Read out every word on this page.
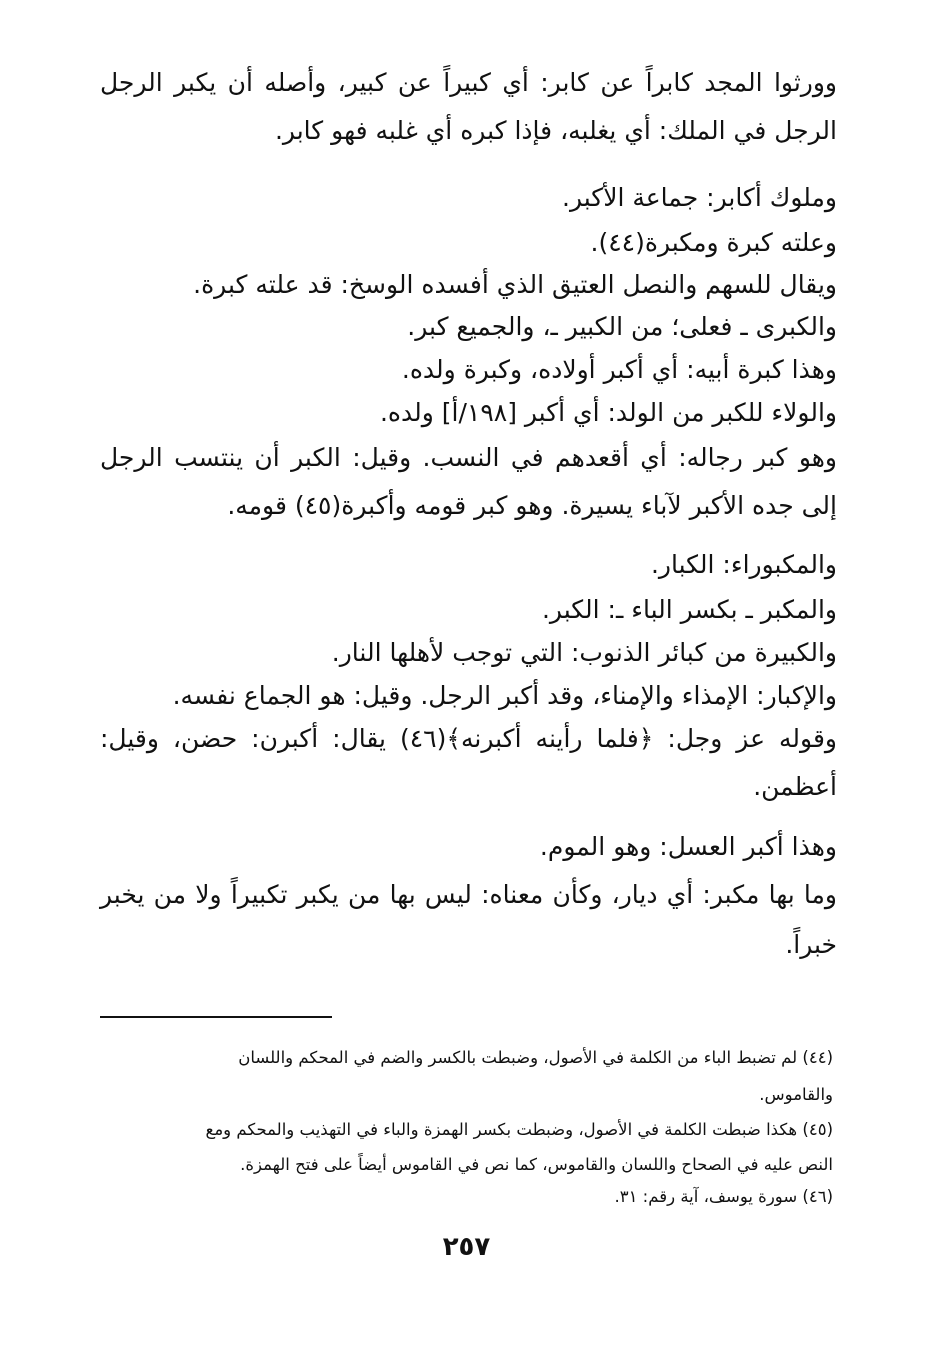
وورثوا المجد كابراً عن كابر: أي كبيراً عن كبير، وأصله أن يكبر الرجل
الرجل في الملك: أي يغلبه، فإذا كبره أي غلبه فهو كابر.
وملوك أكابر: جماعة الأكبر.
وعلته كبرة ومكبرة(٤٤).
ويقال للسهم والنصل العتيق الذي أفسده الوسخ: قد علته كبرة.
والكبرى ـ فعلى؛ من الكبير ـ، والجميع كبر.
وهذا كبرة أبيه: أي أكبر أولاده، وكبرة ولده.
والولاء للكبر من الولد: أي أكبر [١٩٨/أ] ولده.
وهو كبر رجاله: أي أقعدهم في النسب. وقيل: الكبر أن ينتسب الرجل
إلى جده الأكبر لآباء يسيرة. وهو كبر قومه وأكبرة(٤٥) قومه.
والمكبوراء: الكبار.
والمكبر ـ بكسر الباء ـ: الكبر.
والكبيرة من كبائر الذنوب: التي توجب لأهلها النار.
والإكبار: الإمذاء والإمناء، وقد أكبر الرجل. وقيل: هو الجماع نفسه.
وقوله عز وجل: ﴿فلما رأينه أكبرنه﴾(٤٦) يقال: أكبرن: حضن، وقيل:
أعظمن.
وهذا أكبر العسل: وهو الموم.
وما بها مكبر: أي ديار، وكأن معناه: ليس بها من يكبر تكبيراً ولا من يخبر
خبراً.
(٤٤) لم تضبط الباء من الكلمة في الأصول، وضبطت بالكسر والضم في المحكم واللسان
والقاموس.
(٤٥) هكذا ضبطت الكلمة في الأصول، وضبطت بكسر الهمزة والباء في التهذيب والمحكم ومع
النص عليه في الصحاح واللسان والقاموس، كما نص في القاموس أيضاً على فتح الهمزة.
(٤٦) سورة يوسف، آية رقم: ٣١.
٢٥٧
